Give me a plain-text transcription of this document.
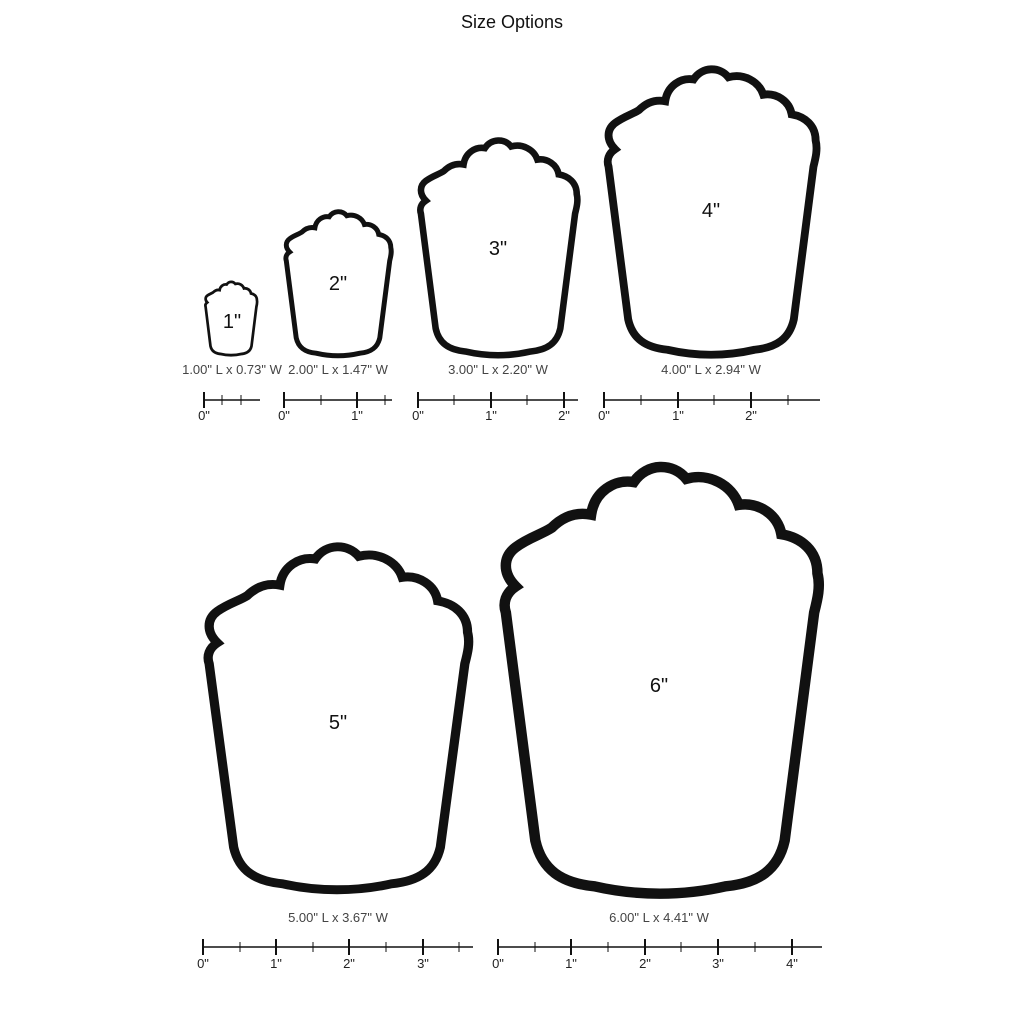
Size Options
1"
1.00" L x 0.73" W
0"
2"
2.00" L x 1.47" W
0"	1"
3"
3.00" L x 2.20" W
0"	1"	2"
4"
4.00" L x 2.94" W
0"	1"	2"
5"
5.00" L x 3.67" W
0"	1"	2"	3"
6"
6.00" L x 4.41" W
0"	1"	2"	3"	4"
